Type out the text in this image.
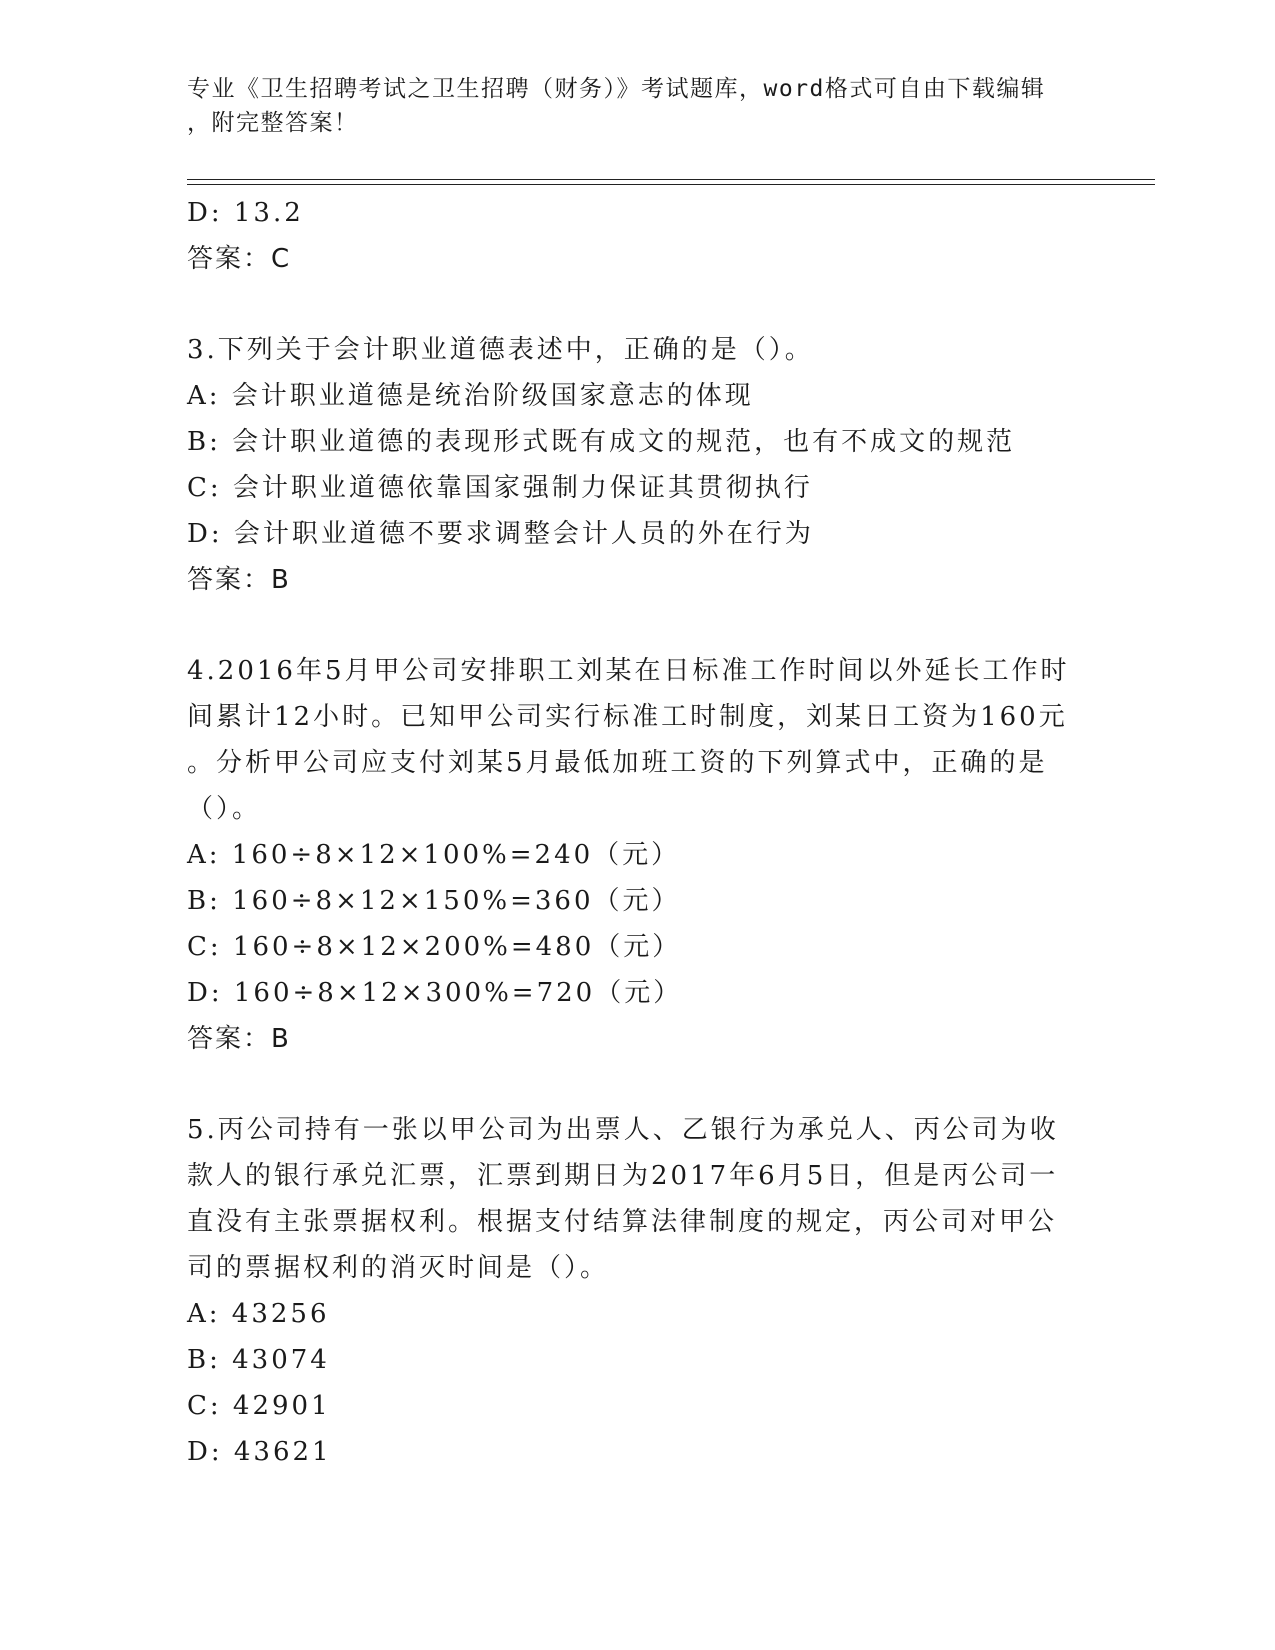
专业《卫生招聘考试之卫生招聘（财务）》考试题库，word格式可自由下载编辑
，附完整答案！
D: 13.2
答案：C
3.下列关于会计职业道德表述中，正确的是（）。
A: 会计职业道德是统治阶级国家意志的体现
B: 会计职业道德的表现形式既有成文的规范，也有不成文的规范
C: 会计职业道德依靠国家强制力保证其贯彻执行
D: 会计职业道德不要求调整会计人员的外在行为
答案：B
4.2016年5月甲公司安排职工刘某在日标准工作时间以外延长工作时
间累计12小时。已知甲公司实行标准工时制度，刘某日工资为160元
。分析甲公司应支付刘某5月最低加班工资的下列算式中，正确的是
（）。
A: 160÷8×12×100%=240（元）
B: 160÷8×12×150%=360（元）
C: 160÷8×12×200%=480（元）
D: 160÷8×12×300%=720（元）
答案：B
5.丙公司持有一张以甲公司为出票人、乙银行为承兑人、丙公司为收
款人的银行承兑汇票，汇票到期日为2017年6月5日，但是丙公司一
直没有主张票据权利。根据支付结算法律制度的规定，丙公司对甲公
司的票据权利的消灭时间是（）。
A: 43256
B: 43074
C: 42901
D: 43621
